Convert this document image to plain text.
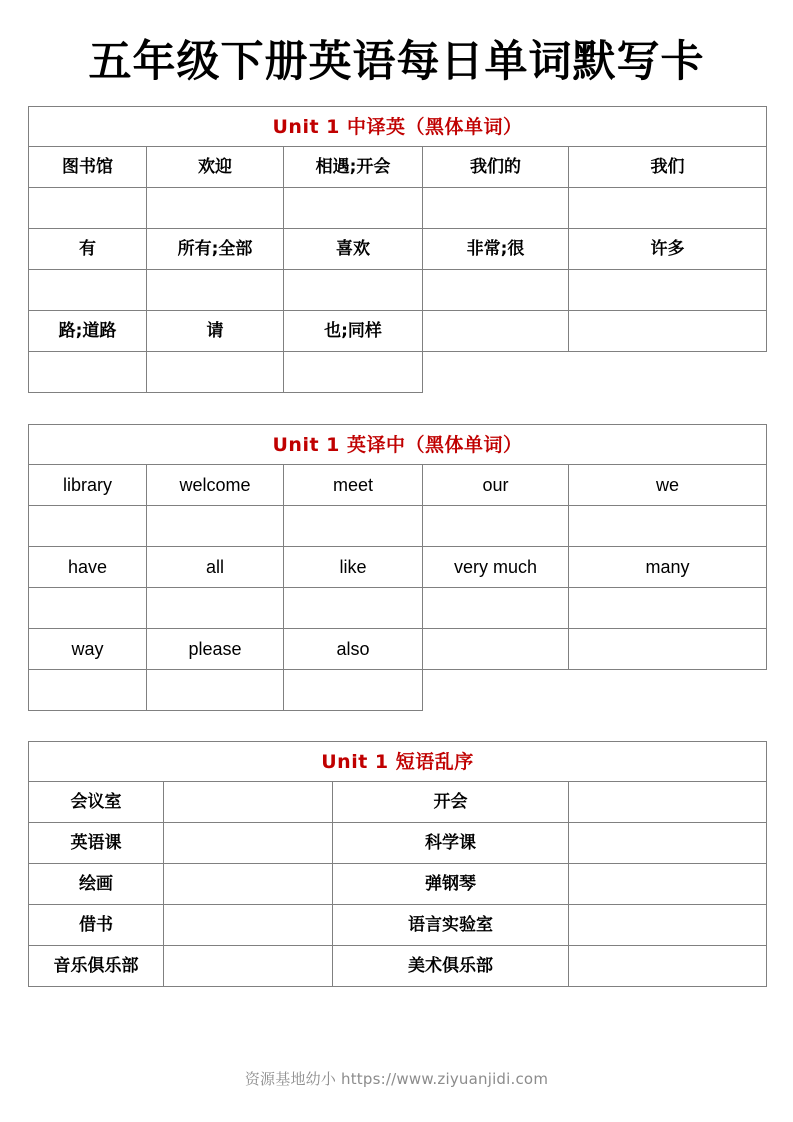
五年级下册英语每日单词默写卡
Unit 1 中译英（黑体单词）				
图书馆	欢迎	相遇;开会	我们的	我们

有	所有;全部	喜欢	非常;很	许多

路;道路	请	也;同样		

Unit 1 英译中（黑体单词）				
library	welcome	meet	our	we

have	all	like	very much	many

way	please	also		

Unit 1 短语乱序			
会议室		开会	
英语课		科学课	
绘画		弹钢琴	
借书		语言实验室	
音乐俱乐部		美术俱乐部	
资源基地幼小 https://www.ziyuanjidi.com
